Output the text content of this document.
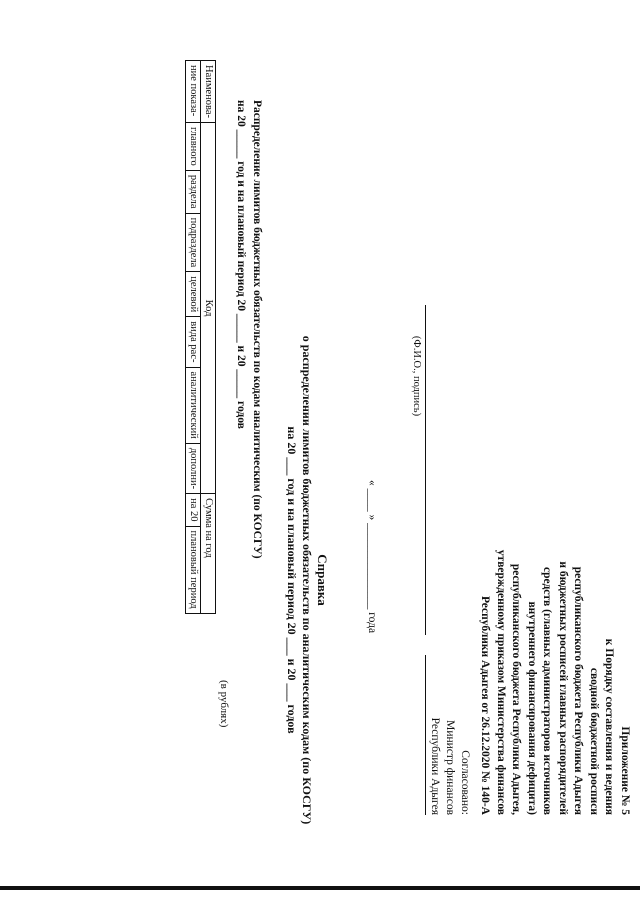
Приложение № 5
к Порядку составления и ведения
сводной бюджетной росписи
республиканского бюджета Республики Адыгея
и бюджетных росписей главных распорядителей
средств (главных администраторов источников
внутреннего финансирования дефицита)
республиканского бюджета Республики Адыгея,
утвержденному приказом Министерства финансов
Республики Адыгея от 26.12.2020 № 140-А
Согласовано:
Министр финансов
Республики Адыгея
(Ф.И.О., подпись)
« ____ » _______________ года
Справка
о распределении лимитов бюджетных обязательств по аналитическим кодам (по КОСГУ)
на 20 ___ год и на плановый период 20 ___ и 20 ___ годов
Распределение лимитов бюджетных обязательств по кодам аналитическим (по КОСГУ)
на 20 _____ год и на плановый период 20 _____ и 20 _____ годов
(в рублях)
Наименова-	Код							Сумма на год	
ние показа-	главного	раздела	подраздела	целевой	вида рас-	аналитический	дополни-	на 20	плановый период
